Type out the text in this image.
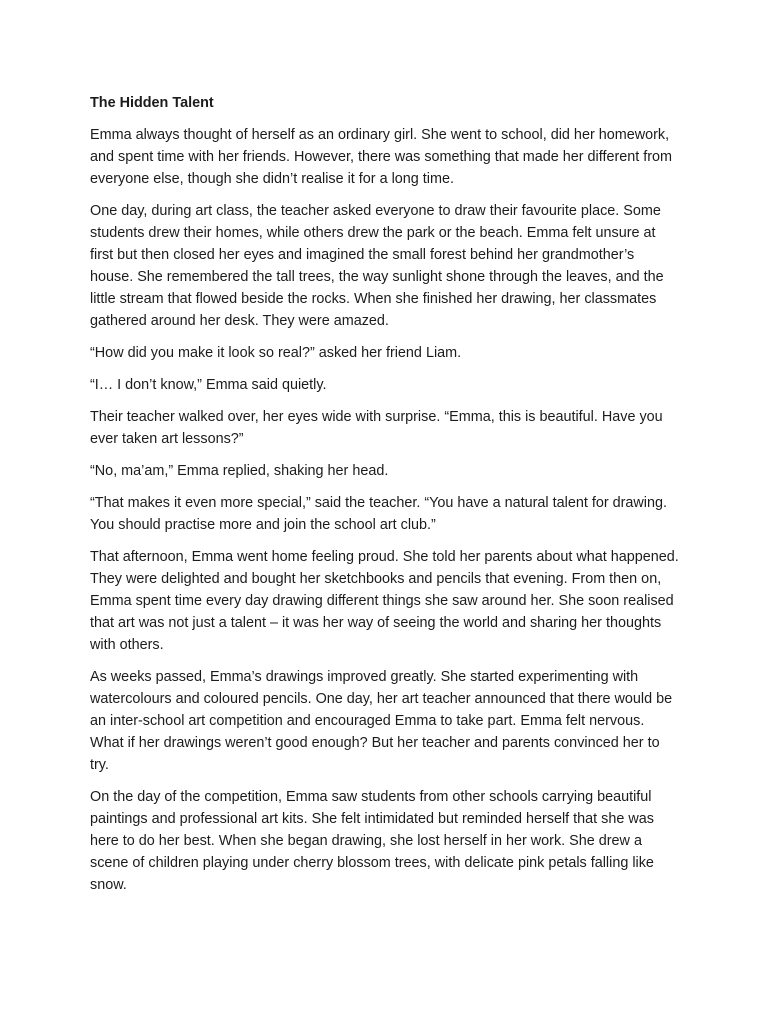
The Hidden Talent

Emma always thought of herself as an ordinary girl. She went to school, did her homework, and spent time with her friends. However, there was something that made her different from everyone else, though she didn’t realise it for a long time.

One day, during art class, the teacher asked everyone to draw their favourite place. Some students drew their homes, while others drew the park or the beach. Emma felt unsure at first but then closed her eyes and imagined the small forest behind her grandmother’s house. She remembered the tall trees, the way sunlight shone through the leaves, and the little stream that flowed beside the rocks. When she finished her drawing, her classmates gathered around her desk. They were amazed.

“How did you make it look so real?” asked her friend Liam.

“I… I don’t know,” Emma said quietly.

Their teacher walked over, her eyes wide with surprise. “Emma, this is beautiful. Have you ever taken art lessons?”

“No, ma’am,” Emma replied, shaking her head.

“That makes it even more special,” said the teacher. “You have a natural talent for drawing. You should practise more and join the school art club.”

That afternoon, Emma went home feeling proud. She told her parents about what happened. They were delighted and bought her sketchbooks and pencils that evening. From then on, Emma spent time every day drawing different things she saw around her. She soon realised that art was not just a talent – it was her way of seeing the world and sharing her thoughts with others.

As weeks passed, Emma’s drawings improved greatly. She started experimenting with watercolours and coloured pencils. One day, her art teacher announced that there would be an inter-school art competition and encouraged Emma to take part. Emma felt nervous. What if her drawings weren’t good enough? But her teacher and parents convinced her to try.

On the day of the competition, Emma saw students from other schools carrying beautiful paintings and professional art kits. She felt intimidated but reminded herself that she was here to do her best. When she began drawing, she lost herself in her work. She drew a scene of children playing under cherry blossom trees, with delicate pink petals falling like snow.
